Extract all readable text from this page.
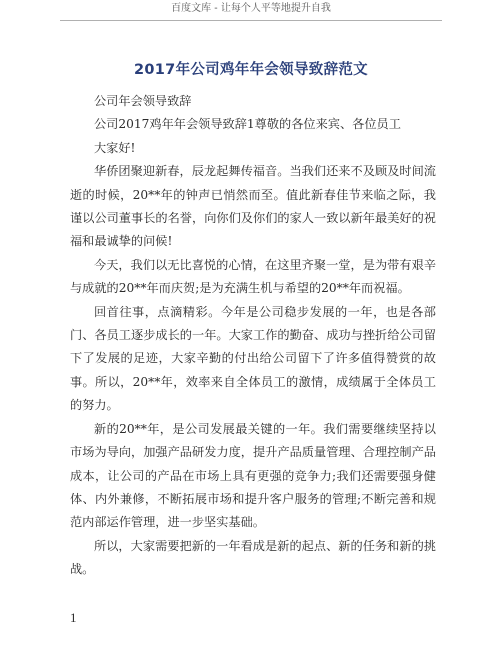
百度文库 - 让每个人平等地提升自我
2017年公司鸡年年会领导致辞范文

公司年会领导致辞

公司2017鸡年年会领导致辞1尊敬的各位来宾、各位员工

大家好!

华侨团聚迎新春，辰龙起舞传福音。当我们还来不及顾及时间流逝的时候，20**年的钟声已悄然而至。值此新春佳节来临之际，我谨以公司董事长的名誉，向你们及你们的家人一致以新年最美好的祝福和最诚挚的问候!

今天，我们以无比喜悦的心情，在这里齐聚一堂，是为带有艰辛与成就的20**年而庆贺;是为充满生机与希望的20**年而祝福。

回首往事，点滴精彩。今年是公司稳步发展的一年，也是各部门、各员工逐步成长的一年。大家工作的勤奋、成功与挫折给公司留下了发展的足迹，大家辛勤的付出给公司留下了许多值得赞赏的故事。所以，20**年，效率来自全体员工的激情，成绩属于全体员工的努力。

新的20**年，是公司发展最关键的一年。我们需要继续坚持以市场为导向，加强产品研发力度，提升产品质量管理、合理控制产品成本，让公司的产品在市场上具有更强的竞争力;我们还需要强身健体、内外兼修，不断拓展市场和提升客户服务的管理;不断完善和规范内部运作管理，进一步坚实基础。

所以，大家需要把新的一年看成是新的起点、新的任务和新的挑战。

1
